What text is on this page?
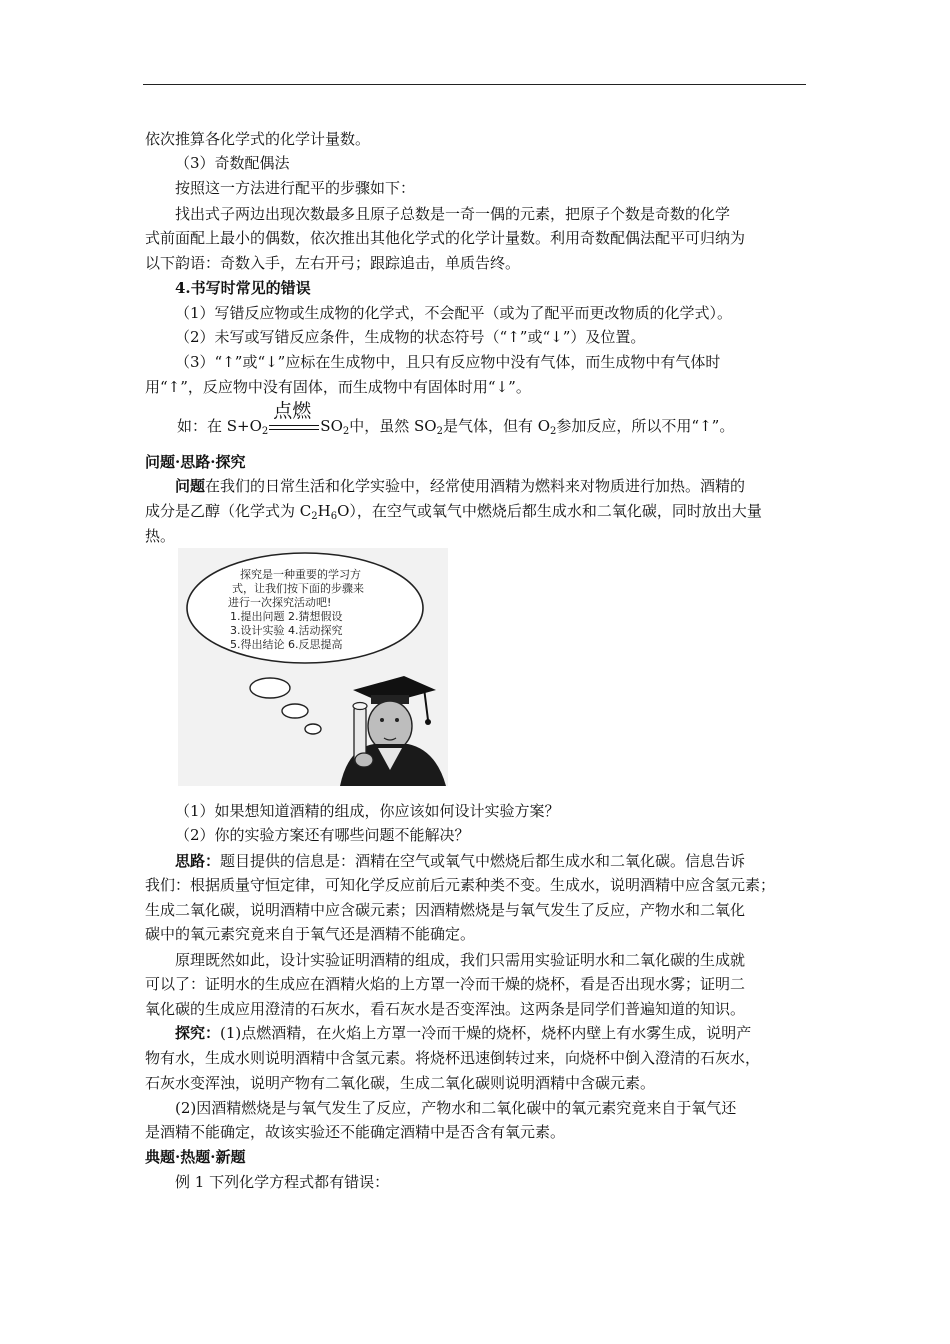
依次推算各化学式的化学计量数。
（3）奇数配偶法
按照这一方法进行配平的步骤如下：
找出式子两边出现次数最多且原子总数是一奇一偶的元素，把原子个数是奇数的化学
式前面配上最小的偶数，依次推出其他化学式的化学计量数。利用奇数配偶法配平可归纳为
以下韵语：奇数入手，左右开弓；跟踪追击，单质告终。
4.书写时常见的错误
（1）写错反应物或生成物的化学式，不会配平（或为了配平而更改物质的化学式）。
（2）未写或写错反应条件，生成物的状态符号（“↑”或“↓”）及位置。
（3）“↑”或“↓”应标在生成物中，且只有反应物中没有气体，而生成物中有气体时
用“↑”，反应物中没有固体，而生成物中有固体时用“↓”。
如：在 $S+O_2$
点燃
$SO_2$中，虽然 $SO_2$是气体，但有 $O_2$参加反应，所以不用“↑”。
问题·思路·探究
问题在我们的日常生活和化学实验中，经常使用酒精为燃料来对物质进行加热。酒精的
成分是乙醇（化学式为 $C_2H_6O$），在空气或氧气中燃烧后都生成水和二氧化碳，同时放出大量
热。
探究是一种重要的学习方
式，让我们按下面的步骤来
进行一次探究活动吧!
1.提出问题 2.猜想假设
3.设计实验 4.活动探究
5.得出结论 6.反思提高
（1）如果想知道酒精的组成，你应该如何设计实验方案？
（2）你的实验方案还有哪些问题不能解决？
思路：题目提供的信息是：酒精在空气或氧气中燃烧后都生成水和二氧化碳。信息告诉
我们：根据质量守恒定律，可知化学反应前后元素种类不变。生成水，说明酒精中应含氢元素；
生成二氧化碳，说明酒精中应含碳元素；因酒精燃烧是与氧气发生了反应，产物水和二氧化
碳中的氧元素究竟来自于氧气还是酒精不能确定。
原理既然如此，设计实验证明酒精的组成，我们只需用实验证明水和二氧化碳的生成就
可以了：证明水的生成应在酒精火焰的上方罩一冷而干燥的烧杯，看是否出现水雾；证明二
氧化碳的生成应用澄清的石灰水，看石灰水是否变浑浊。这两条是同学们普遍知道的知识。
探究：(1)点燃酒精，在火焰上方罩一冷而干燥的烧杯，烧杯内壁上有水雾生成，说明产
物有水，生成水则说明酒精中含氢元素。将烧杯迅速倒转过来，向烧杯中倒入澄清的石灰水，
石灰水变浑浊，说明产物有二氧化碳，生成二氧化碳则说明酒精中含碳元素。
(2)因酒精燃烧是与氧气发生了反应，产物水和二氧化碳中的氧元素究竟来自于氧气还
是酒精不能确定，故该实验还不能确定酒精中是否含有氧元素。
典题·热题·新题
例 1 下列化学方程式都有错误：
